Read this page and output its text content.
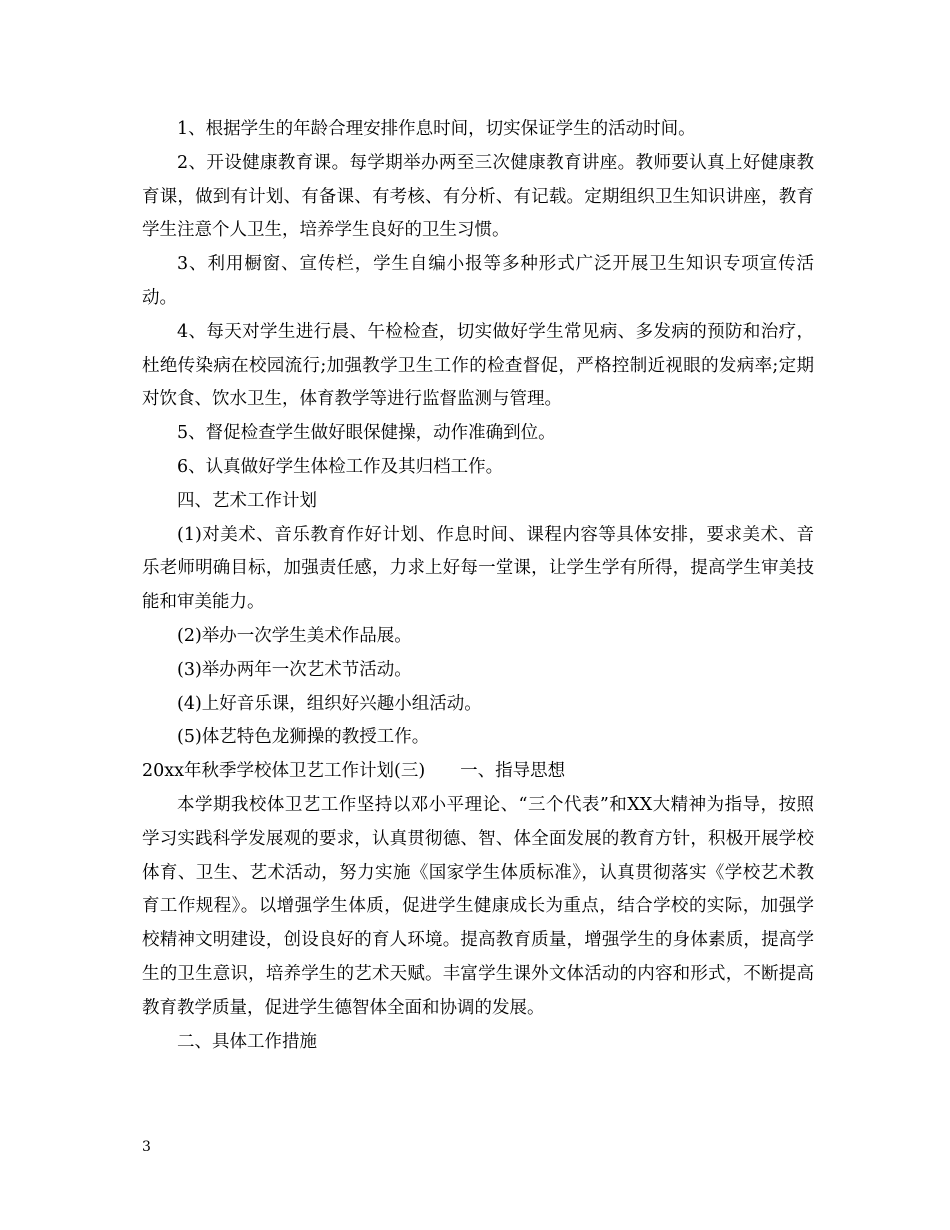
1、根据学生的年龄合理安排作息时间，切实保证学生的活动时间。

2、开设健康教育课。每学期举办两至三次健康教育讲座。教师要认真上好健康教育课，做到有计划、有备课、有考核、有分析、有记载。定期组织卫生知识讲座，教育学生注意个人卫生，培养学生良好的卫生习惯。

3、利用橱窗、宣传栏，学生自编小报等多种形式广泛开展卫生知识专项宣传活动。

4、每天对学生进行晨、午检检查，切实做好学生常见病、多发病的预防和治疗，杜绝传染病在校园流行;加强教学卫生工作的检查督促，严格控制近视眼的发病率;定期对饮食、饮水卫生，体育教学等进行监督监测与管理。

5、督促检查学生做好眼保健操，动作准确到位。

6、认真做好学生体检工作及其归档工作。

四、艺术工作计划

(1)对美术、音乐教育作好计划、作息时间、课程内容等具体安排，要求美术、音乐老师明确目标，加强责任感，力求上好每一堂课，让学生学有所得，提高学生审美技能和审美能力。

(2)举办一次学生美术作品展。

(3)举办两年一次艺术节活动。

(4)上好音乐课，组织好兴趣小组活动。

(5)体艺特色龙狮操的教授工作。

20xx年秋季学校体卫艺工作计划(三)　　一、指导思想

本学期我校体卫艺工作坚持以邓小平理论、“三个代表”和XX大精神为指导，按照学习实践科学发展观的要求，认真贯彻德、智、体全面发展的教育方针，积极开展学校体育、卫生、艺术活动，努力实施《国家学生体质标准》，认真贯彻落实《学校艺术教育工作规程》。以增强学生体质，促进学生健康成长为重点，结合学校的实际，加强学校精神文明建设，创设良好的育人环境。提高教育质量，增强学生的身体素质，提高学生的卫生意识，培养学生的艺术天赋。丰富学生课外文体活动的内容和形式，不断提高教育教学质量，促进学生德智体全面和协调的发展。

二、具体工作措施

3
